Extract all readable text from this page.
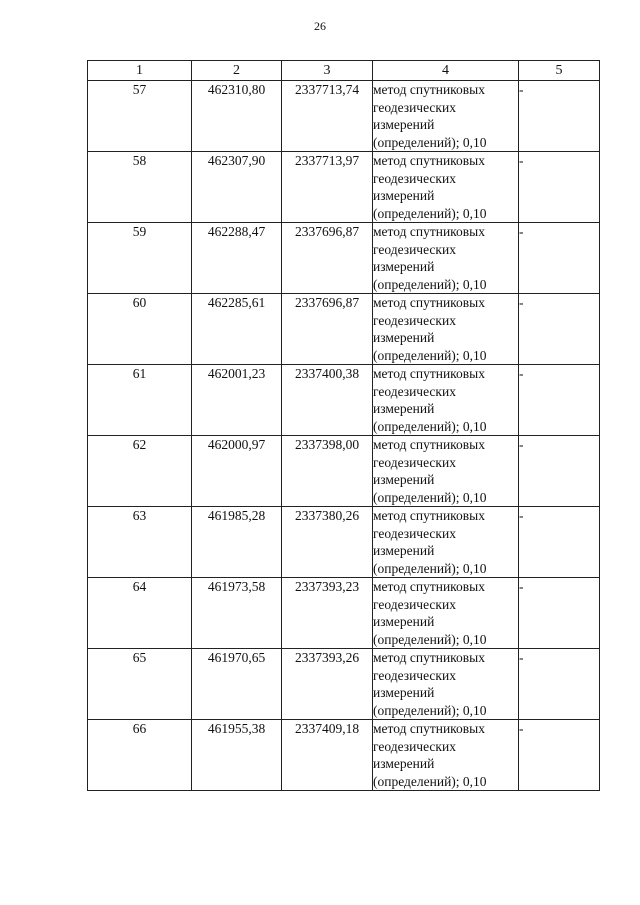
26
1	2	3	4	5
57	462310,80	2337713,74	метод спутниковых
геодезических
измерений
(определений); 0,10	-
58	462307,90	2337713,97	метод спутниковых
геодезических
измерений
(определений); 0,10	-
59	462288,47	2337696,87	метод спутниковых
геодезических
измерений
(определений); 0,10	-
60	462285,61	2337696,87	метод спутниковых
геодезических
измерений
(определений); 0,10	-
61	462001,23	2337400,38	метод спутниковых
геодезических
измерений
(определений); 0,10	-
62	462000,97	2337398,00	метод спутниковых
геодезических
измерений
(определений); 0,10	-
63	461985,28	2337380,26	метод спутниковых
геодезических
измерений
(определений); 0,10	-
64	461973,58	2337393,23	метод спутниковых
геодезических
измерений
(определений); 0,10	-
65	461970,65	2337393,26	метод спутниковых
геодезических
измерений
(определений); 0,10	-
66	461955,38	2337409,18	метод спутниковых
геодезических
измерений
(определений); 0,10	-
